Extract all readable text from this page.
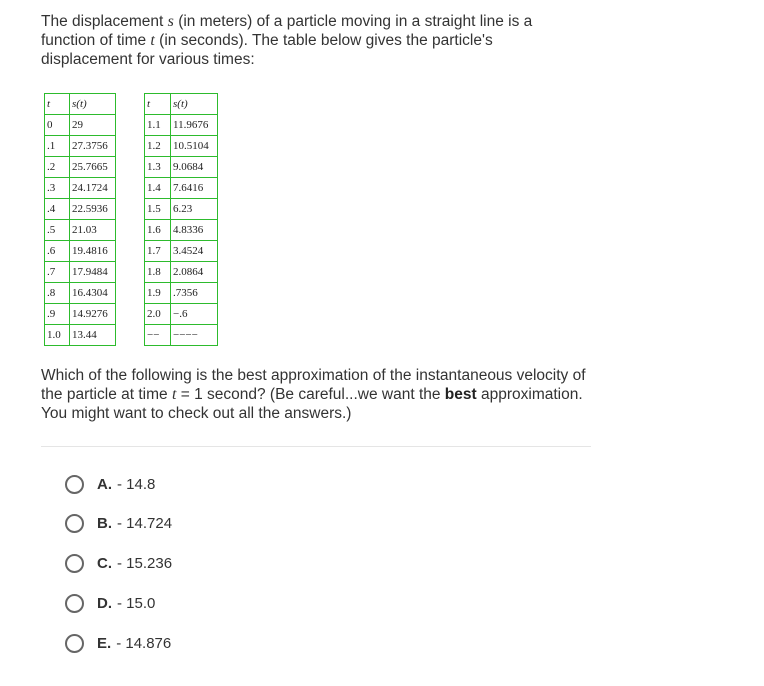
The displacement s (in meters) of a particle moving in a straight line is a function of time t (in seconds). The table below gives the particle's displacement for various times:
t	s(t)
0	29
.1	27.3756
.2	25.7665
.3	24.1724
.4	22.5936
.5	21.03
.6	19.4816
.7	17.9484
.8	16.4304
.9	14.9276
1.0	13.44
t	s(t)
1.1	11.9676
1.2	10.5104
1.3	9.0684
1.4	7.6416
1.5	6.23
1.6	4.8336
1.7	3.4524
1.8	2.0864
1.9	.7356
2.0	−.6
−−	−−−−
Which of the following is the best approximation of the instantaneous velocity of the particle at time t = 1 second? (Be careful...we want the best approximation. You might want to check out all the answers.)
A. - 14.8
B. - 14.724
C. - 15.236
D. - 15.0
E. - 14.876
